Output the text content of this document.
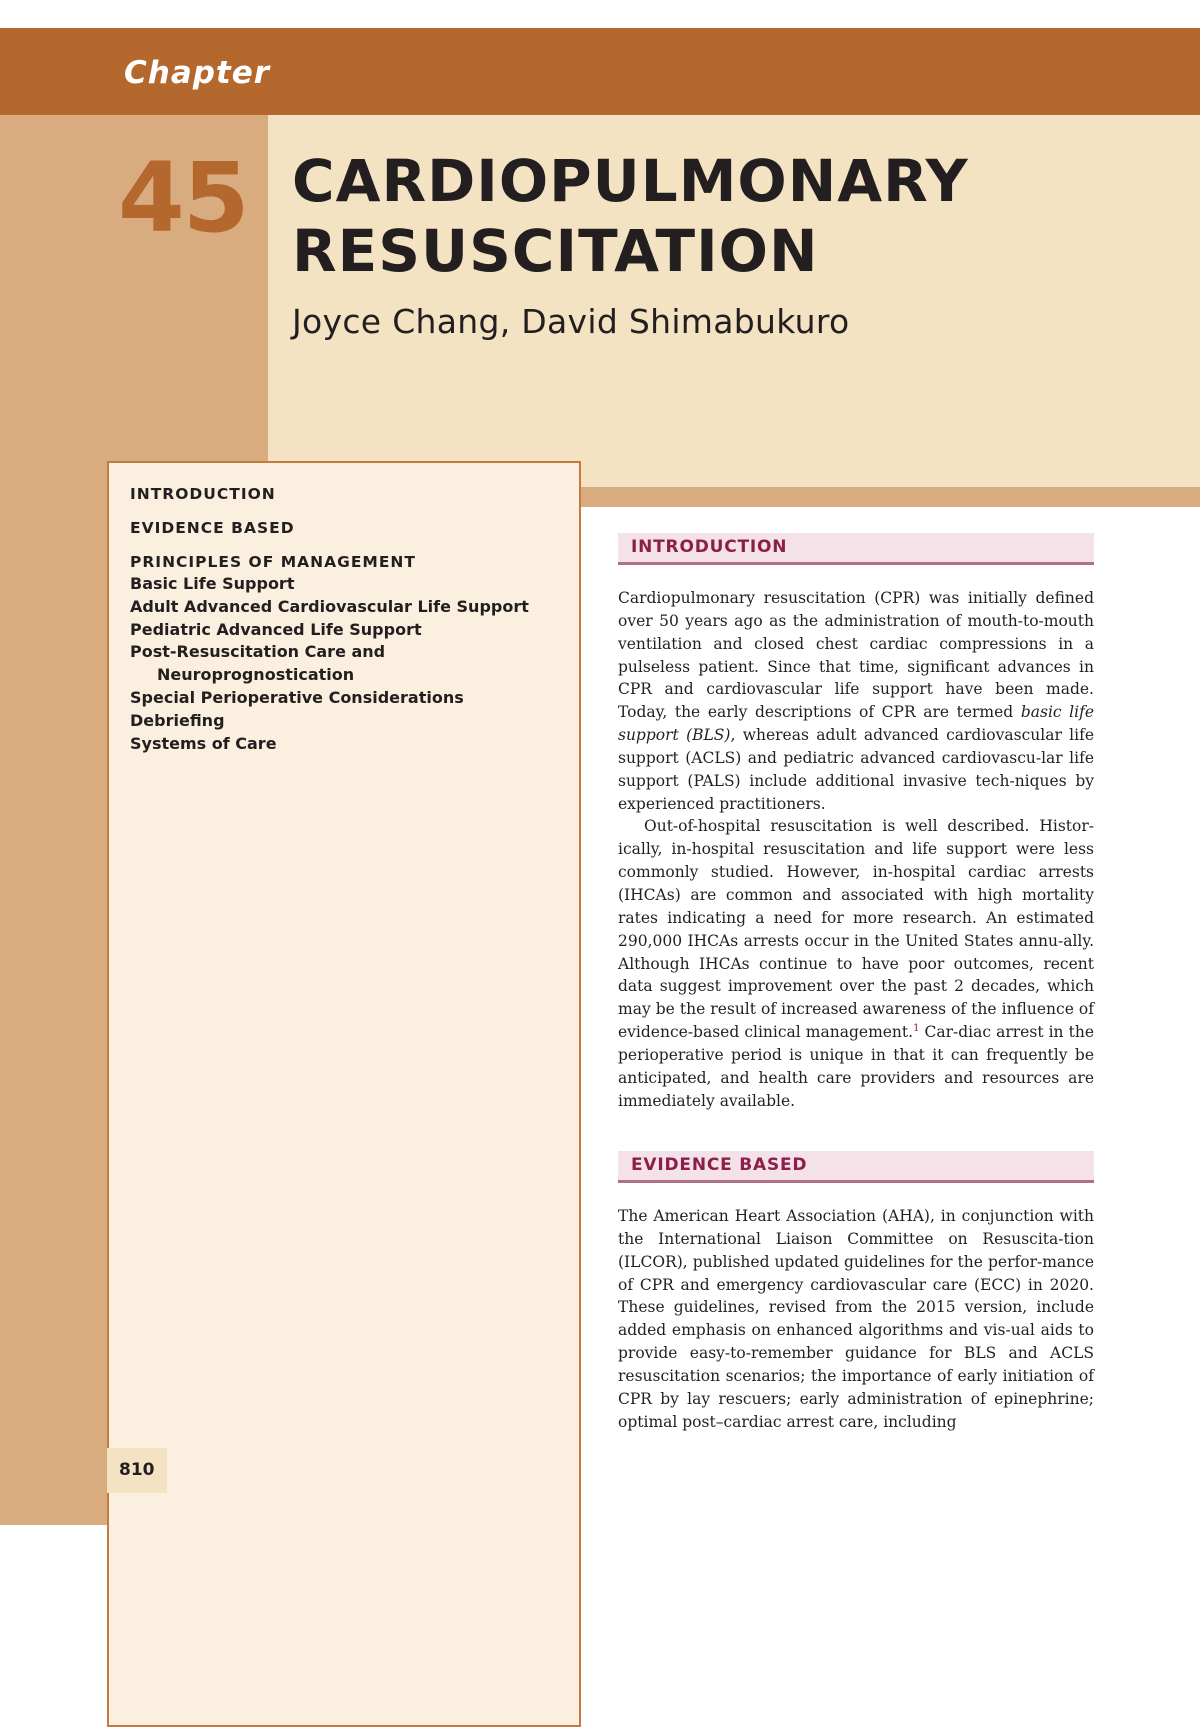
Chapter
45 CARDIOPULMONARY
RESUSCITATION

Joyce Chang, David Shimabukuro

INTRODUCTION
EVIDENCE BASED
PRINCIPLES OF MANAGEMENT
Basic Life Support
Adult Advanced Cardiovascular Life Support
Pediatric Advanced Life Support
Post-Resuscitation Care and
Neuroprognostication
Special Perioperative Considerations
Debriefing
Systems of Care

810

INTRODUCTION

Cardiopulmonary resuscitation (CPR) was initially defined over 50 years ago as the administration of mouth-to-mouth ventilation and closed chest cardiac compressions in a pulseless patient. Since that time, significant advances in CPR and cardiovascular life support have been made. Today, the early descriptions of CPR are termed basic life support (BLS), whereas adult advanced cardiovascular life support (ACLS) and pediatric advanced cardiovascu-lar life support (PALS) include additional invasive tech-niques by experienced practitioners.

Out-of-hospital resuscitation is well described. Histor-ically, in-hospital resuscitation and life support were less commonly studied. However, in-hospital cardiac arrests (IHCAs) are common and associated with high mortality rates indicating a need for more research. An estimated 290,000 IHCAs arrests occur in the United States annu-ally. Although IHCAs continue to have poor outcomes, recent data suggest improvement over the past 2 decades, which may be the result of increased awareness of the influence of evidence-based clinical management.$^1$ Car-diac arrest in the perioperative period is unique in that it can frequently be anticipated, and health care providers and resources are immediately available.

EVIDENCE BASED

The American Heart Association (AHA), in conjunction with the International Liaison Committee on Resuscita-tion (ILCOR), published updated guidelines for the perfor-mance of CPR and emergency cardiovascular care (ECC) in 2020. These guidelines, revised from the 2015 version, include added emphasis on enhanced algorithms and vis-ual aids to provide easy-to-remember guidance for BLS and ACLS resuscitation scenarios; the importance of early initiation of CPR by lay rescuers; early administration of epinephrine; optimal post–cardiac arrest care, including
